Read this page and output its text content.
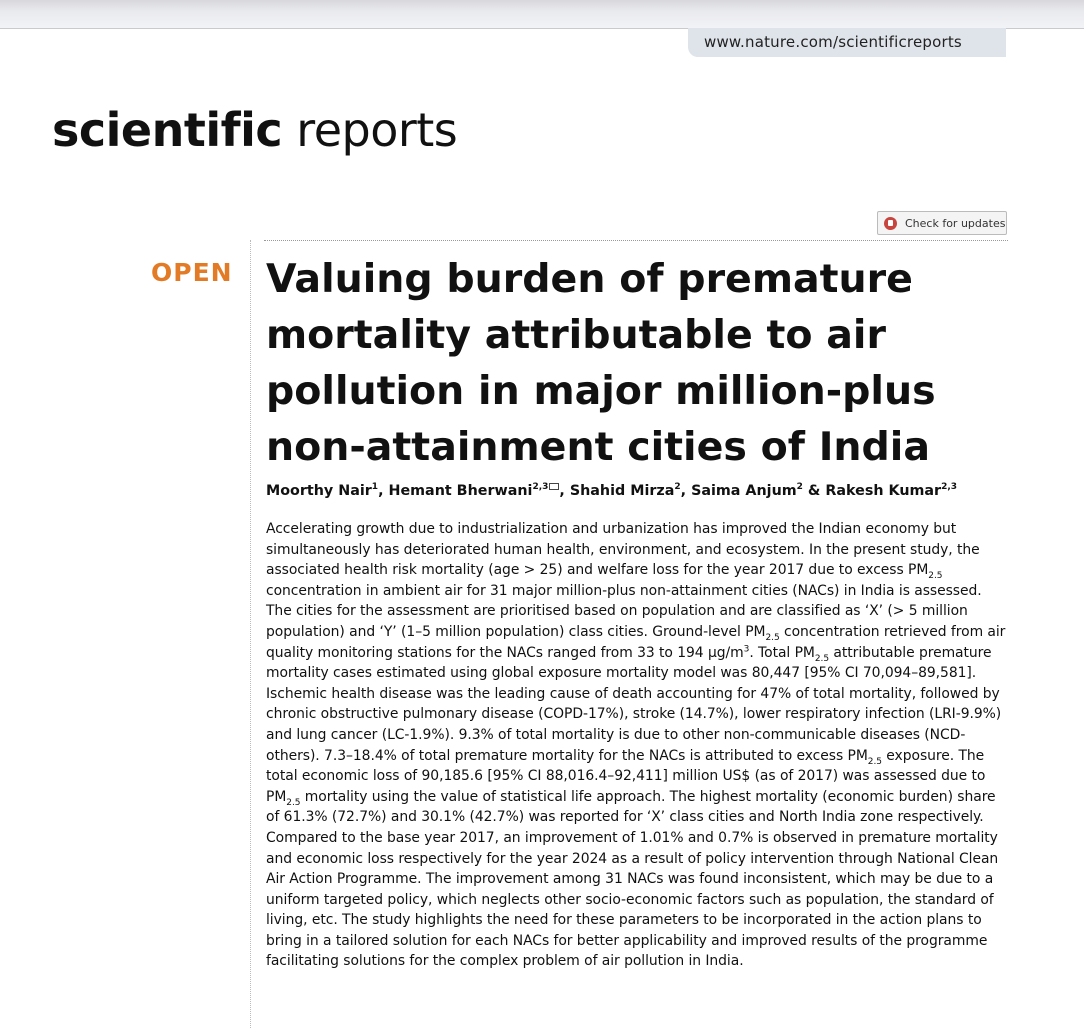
www.nature.com/scientificreports
scientific reports
Check for updates
OPEN Valuing burden of premature mortality attributable to air pollution in major million-plus non-attainment cities of India
Moorthy Nair$^1$, Hemant Bherwani$^{2,3}$ , Shahid Mirza$^2$, Saima Anjum$^2$ & Rakesh Kumar$^{2,3}$

Accelerating growth due to industrialization and urbanization has improved the Indian economy but simultaneously has deteriorated human health, environment, and ecosystem. In the present study, the associated health risk mortality (age > 25) and welfare loss for the year 2017 due to excess $PM_{2.5}$ concentration in ambient air for 31 major million-plus non-attainment cities (NACs) in India is assessed. The cities for the assessment are prioritised based on population and are classified as ‘X’ (> 5 million population) and ‘Y’ (1–5 million population) class cities. Ground-level $PM_{2.5}$ concentration retrieved from air quality monitoring stations for the NACs ranged from 33 to 194 $\mu g/m^3$. Total $PM_{2.5}$ attributable premature mortality cases estimated using global exposure mortality model was 80,447 [95% CI 70,094–89,581]. Ischemic health disease was the leading cause of death accounting for 47% of total mortality, followed by chronic obstructive pulmonary disease (COPD-17%), stroke (14.7%), lower respiratory infection (LRI-9.9%) and lung cancer (LC-1.9%). 9.3% of total mortality is due to other non-communicable diseases (NCD-others). 7.3–18.4% of total premature mortality for the NACs is attributed to excess $PM_{2.5}$ exposure. The total economic loss of 90,185.6 [95% CI 88,016.4–92,411] million US$ (as of 2017) was assessed due to $PM_{2.5}$ mortality using the value of statistical life approach. The highest mortality (economic burden) share of 61.3% (72.7%) and 30.1% (42.7%) was reported for ‘X’ class cities and North India zone respectively. Compared to the base year 2017, an improvement of 1.01% and 0.7% is observed in premature mortality and economic loss respectively for the year 2024 as a result of policy intervention through National Clean Air Action Programme. The improvement among 31 NACs was found inconsistent, which may be due to a uniform targeted policy, which neglects other socio-economic factors such as population, the standard of living, etc. The study highlights the need for these parameters to be incorporated in the action plans to bring in a tailored solution for each NACs for better applicability and improved results of the programme facilitating solutions for the complex problem of air pollution in India.
